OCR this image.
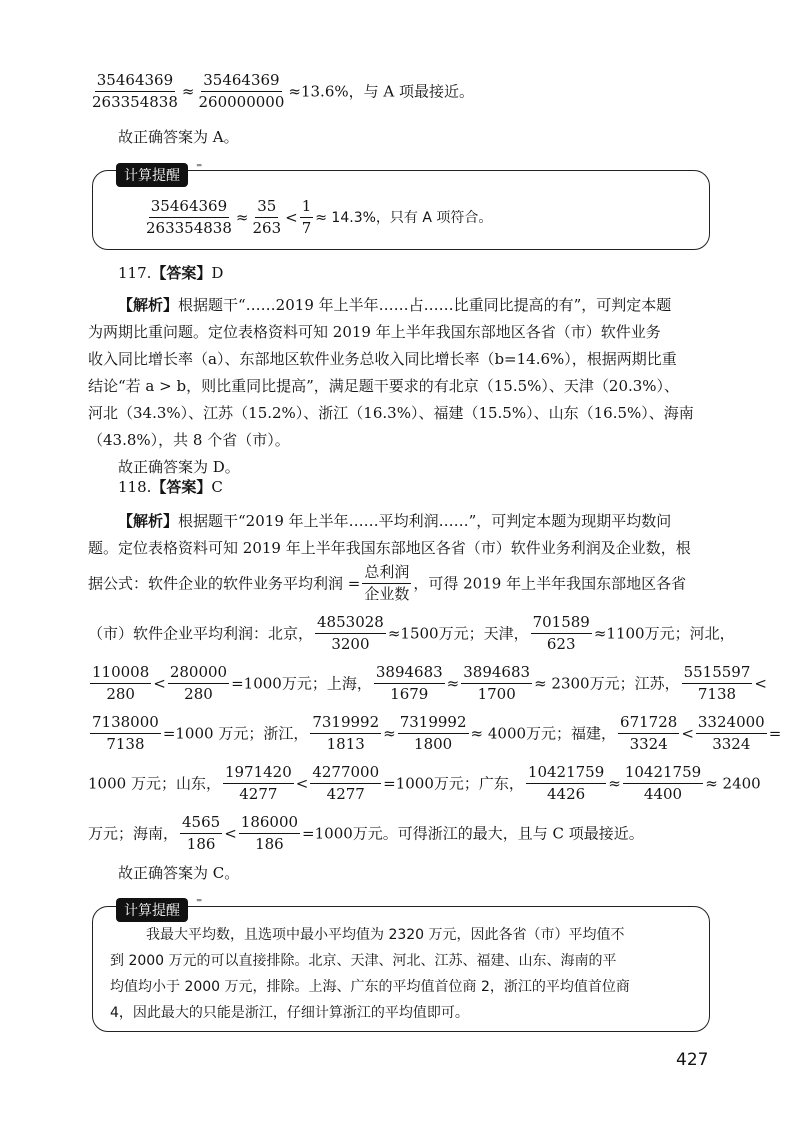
$\frac{35464369}{263354838} \approx \frac{35464369}{260000000} \approx 13.6\%$，与 A 项最接近。
故正确答案为 A。
计算提醒
⁼
$\frac{35464369}{263354838} \approx \frac{35}{263} < \frac{1}{7} \approx 14.3\%$，只有 A 项符合。
117.【答案】D
【解析】根据题干“……2019 年上半年……占……比重同比提高的有”，可判定本题
为两期比重问题。定位表格资料可知 2019 年上半年我国东部地区各省（市）软件业务
收入同比增长率（a）、东部地区软件业务总收入同比增长率（b=14.6%），根据两期比重
结论“若 a > b，则比重同比提高”，满足题干要求的有北京（15.5%）、天津（20.3%）、
河北（34.3%）、江苏（15.2%）、浙江（16.3%）、福建（15.5%）、山东（16.5%）、海南
（43.8%），共 8 个省（市）。
故正确答案为 D。
118.【答案】C
【解析】根据题干“2019 年上半年……平均利润……”，可判定本题为现期平均数问
题。定位表格资料可知 2019 年上半年我国东部地区各省（市）软件业务利润及企业数，根
据公式：软件企业的软件业务平均利润 = $\frac{\text{总利润}}{\text{企业数}}$ ，可得 2019 年上半年我国东部地区各省
（市）软件企业平均利润：北京， $\frac{4853028}{3200} \approx 1500$万元；天津， $\frac{701589}{623} \approx 1100$万元；河北，
$\frac{110008}{280} < \frac{280000}{280} =1000$万元；上海， $\frac{3894683}{1679} \approx \frac{3894683}{1700} \approx 2300$万元；江苏， $\frac{5515597}{7138}$ <
$\frac{7138000}{7138} =1000$ 万元；浙江， $\frac{7319992}{1813} \approx \frac{7319992}{1800} \approx 4000$万元；福建， $\frac{671728}{3324} < \frac{3324000}{3324}$ =
1000 万元；山东， $\frac{1971420}{4277} < \frac{4277000}{4277} =1000$万元；广东， $\frac{10421759}{4426} \approx \frac{10421759}{4400} \approx 2400$
万元；海南， $\frac{4565}{186} < \frac{186000}{186} =1000$万元。可得浙江的最大，且与 C 项最接近。
故正确答案为 C。
计算提醒
⁼
我最大平均数，且选项中最小平均值为 2320 万元，因此各省（市）平均值不
到 2000 万元的可以直接排除。北京、天津、河北、江苏、福建、山东、海南的平
均值均小于 2000 万元，排除。上海、广东的平均值首位商 2，浙江的平均值首位商
4，因此最大的只能是浙江，仔细计算浙江的平均值即可。
427
